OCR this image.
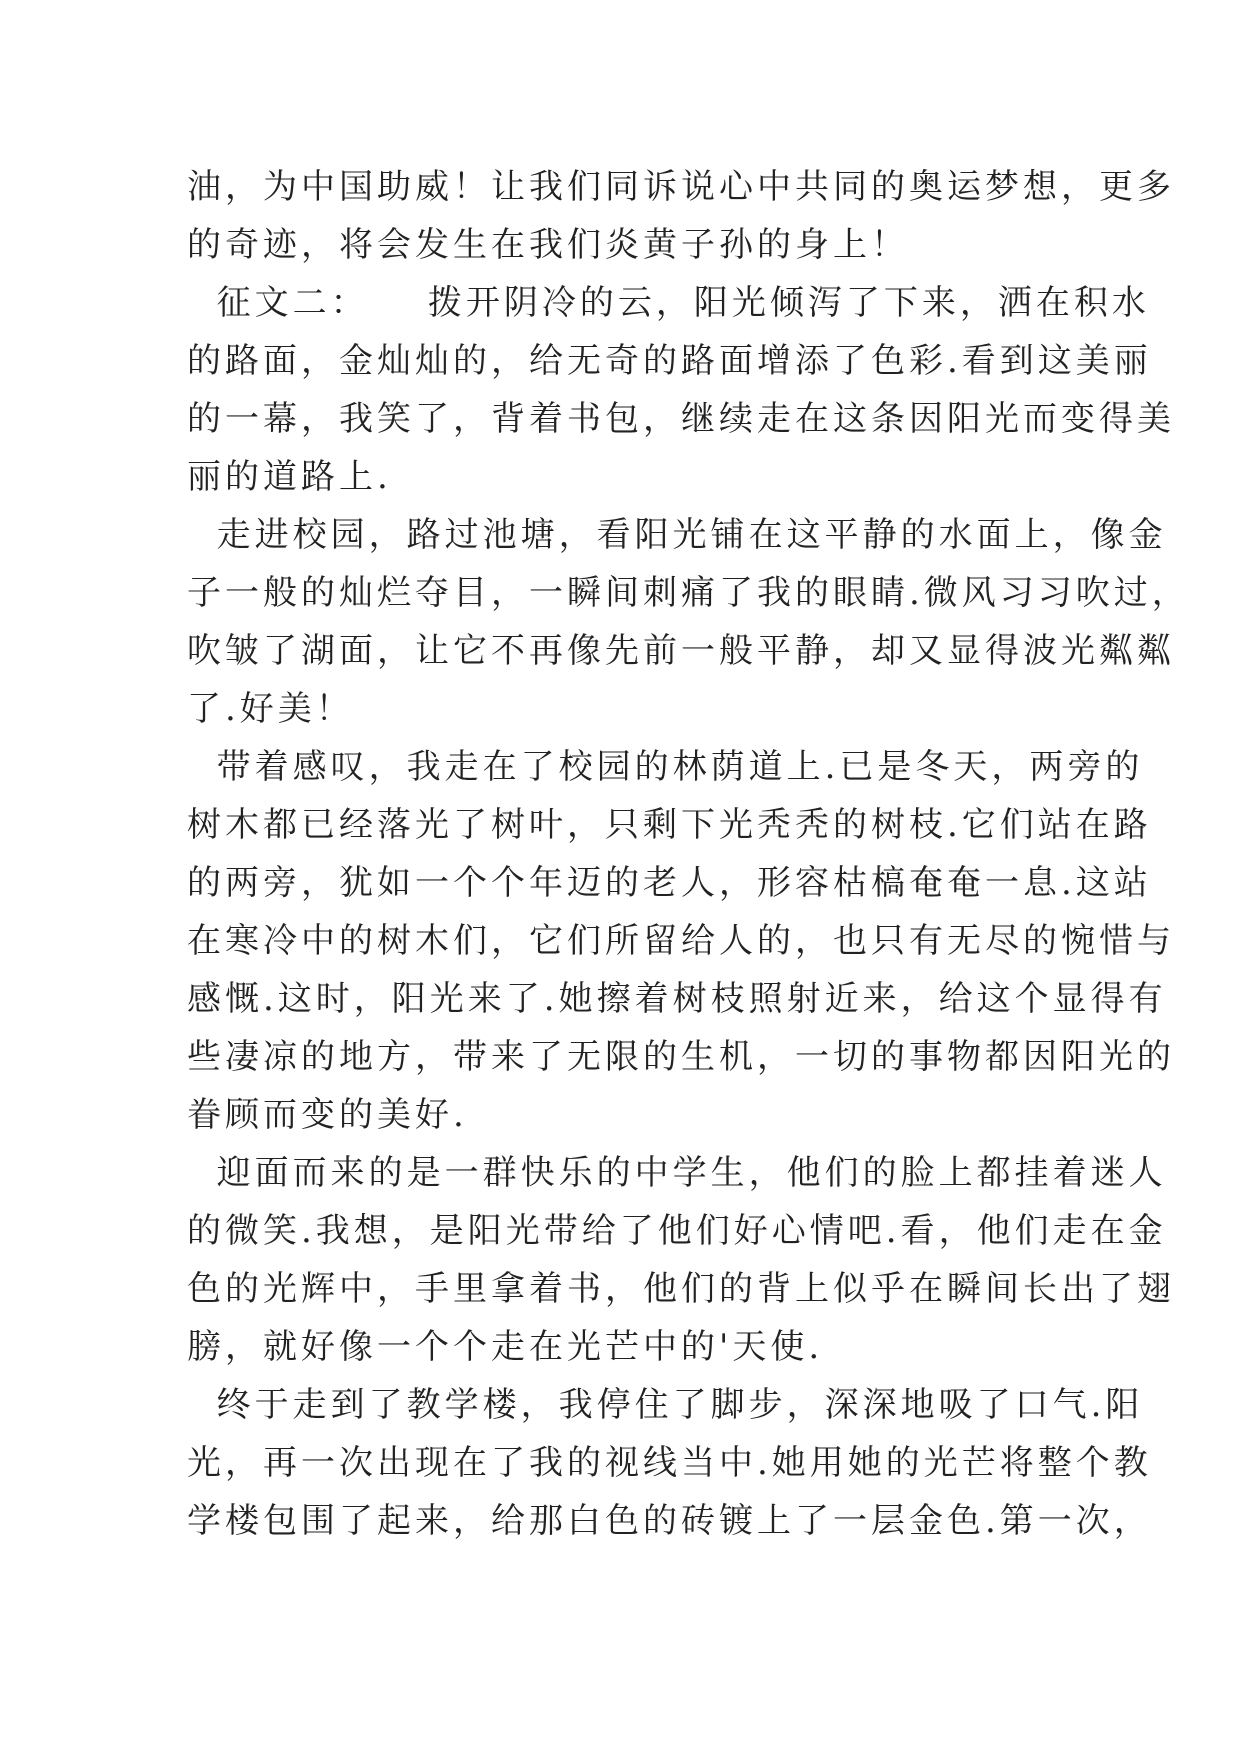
油，为中国助威！让我们同诉说心中共同的奥运梦想，更多
的奇迹，将会发生在我们炎黄子孙的身上！
征文二：    拨开阴冷的云，阳光倾泻了下来，洒在积水
的路面，金灿灿的，给无奇的路面增添了色彩.看到这美丽
的一幕，我笑了，背着书包，继续走在这条因阳光而变得美
丽的道路上.
走进校园，路过池塘，看阳光铺在这平静的水面上，像金
子一般的灿烂夺目，一瞬间刺痛了我的眼睛.微风习习吹过，
吹皱了湖面，让它不再像先前一般平静，却又显得波光粼粼
了.好美！
带着感叹，我走在了校园的林荫道上.已是冬天，两旁的
树木都已经落光了树叶，只剩下光秃秃的树枝.它们站在路
的两旁，犹如一个个年迈的老人，形容枯槁奄奄一息.这站
在寒冷中的树木们，它们所留给人的，也只有无尽的惋惜与
感慨.这时，阳光来了.她擦着树枝照射近来，给这个显得有
些凄凉的地方，带来了无限的生机，一切的事物都因阳光的
眷顾而变的美好.
迎面而来的是一群快乐的中学生，他们的脸上都挂着迷人
的微笑.我想，是阳光带给了他们好心情吧.看，他们走在金
色的光辉中，手里拿着书，他们的背上似乎在瞬间长出了翅
膀，就好像一个个走在光芒中的'天使.
终于走到了教学楼，我停住了脚步，深深地吸了口气.阳
光，再一次出现在了我的视线当中.她用她的光芒将整个教
学楼包围了起来，给那白色的砖镀上了一层金色.第一次，
